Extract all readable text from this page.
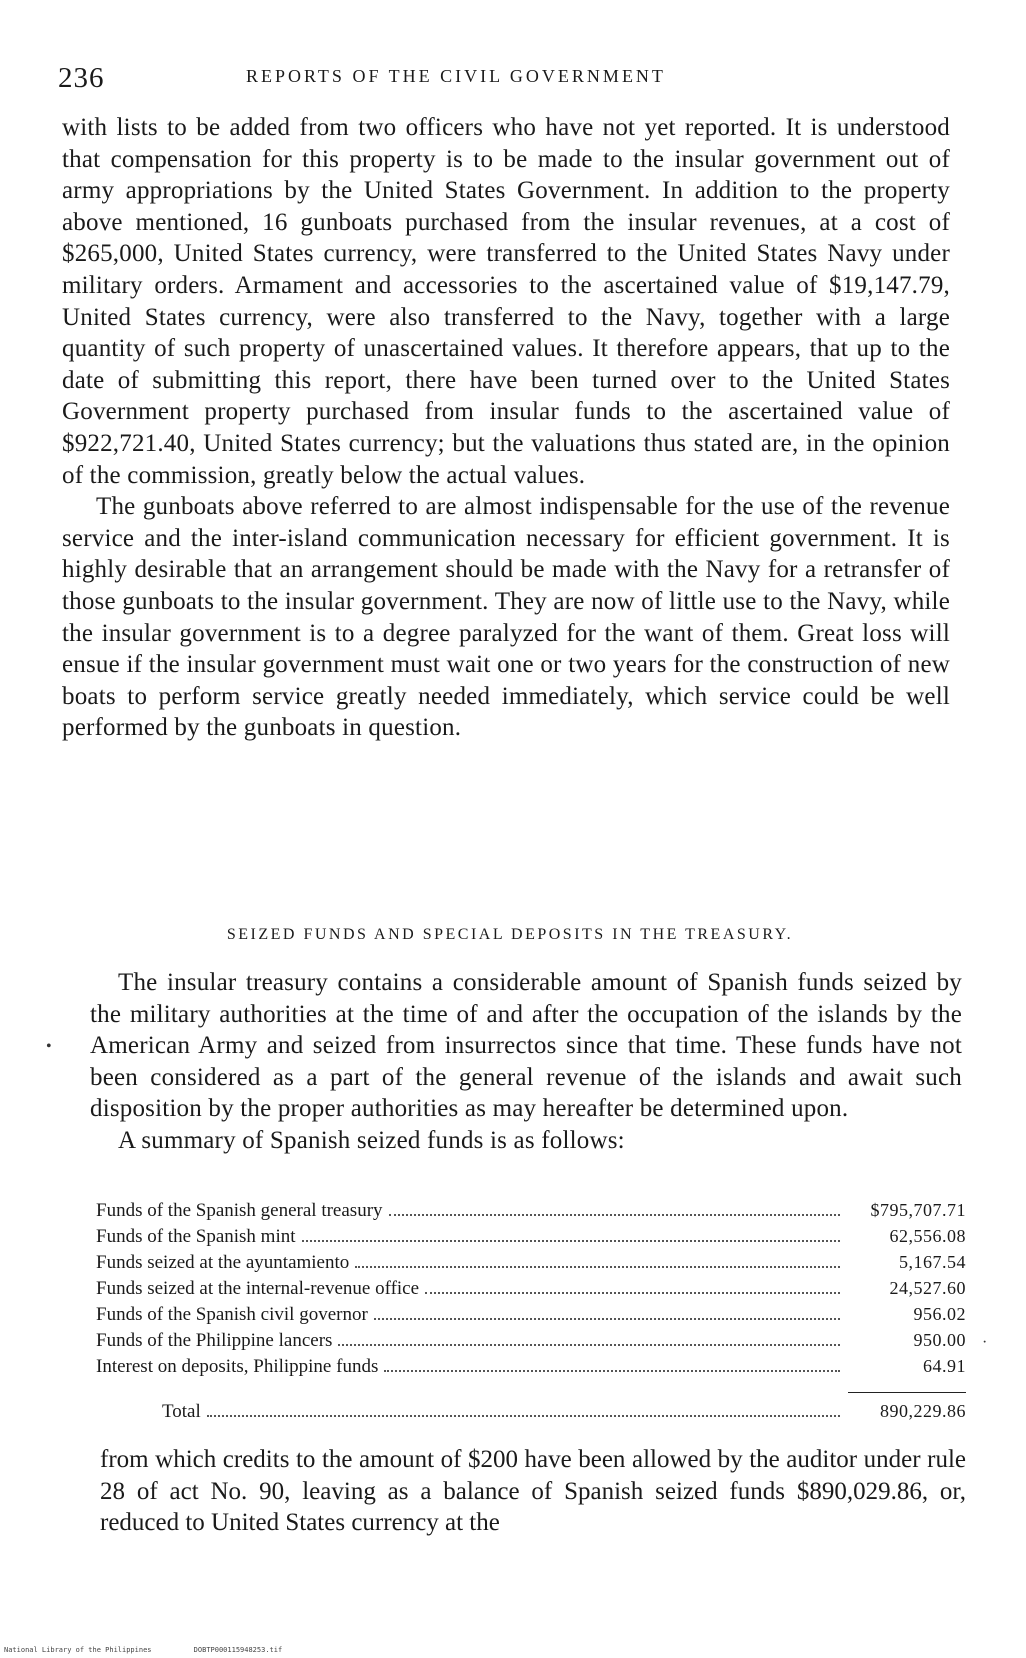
236	REPORTS OF THE CIVIL GOVERNMENT

with lists to be added from two officers who have not yet reported. It is understood that compensation for this property is to be made to the insular government out of army appropriations by the United States Government. In addition to the property above mentioned, 16 gunboats purchased from the insular revenues, at a cost of $265,000, United States currency, were transferred to the United States Navy under military orders. Armament and accessories to the ascertained value of $19,147.79, United States currency, were also transferred to the Navy, together with a large quantity of such property of unascertained values. It therefore appears, that up to the date of submitting this report, there have been turned over to the United States Government property purchased from insular funds to the ascertained value of $922,721.40, United States currency; but the valuations thus stated are, in the opinion of the commission, greatly below the actual values.

The gunboats above referred to are almost indispensable for the use of the revenue service and the inter-island communication necessary for efficient government. It is highly desirable that an arrangement should be made with the Navy for a retransfer of those gunboats to the insular government. They are now of little use to the Navy, while the insular government is to a degree paralyzed for the want of them. Great loss will ensue if the insular government must wait one or two years for the construction of new boats to perform service greatly needed immediately, which service could be well performed by the gunboats in question.

SEIZED FUNDS AND SPECIAL DEPOSITS IN THE TREASURY.

The insular treasury contains a considerable amount of Spanish funds seized by the military authorities at the time of and after the occupation of the islands by the American Army and seized from insurrectos since that time. These funds have not been considered as a part of the general revenue of the islands and await such disposition by the proper authorities as may hereafter be determined upon.

A summary of Spanish seized funds is as follows:

Funds of the Spanish general treasury	$795,707.71
Funds of the Spanish mint	62,556.08
Funds seized at the ayuntamiento	5,167.54
Funds seized at the internal-revenue office	24,527.60
Funds of the Spanish civil governor	956.02
Funds of the Philippine lancers	950.00
Interest on deposits, Philippine funds	64.91
Total	890,229.86

from which credits to the amount of $200 have been allowed by the auditor under rule 28 of act No. 90, leaving as a balance of Spanish seized funds $890,029.86, or, reduced to United States currency at the

•
·
National Library of the Philippines	DOBTP000115948253.tif
